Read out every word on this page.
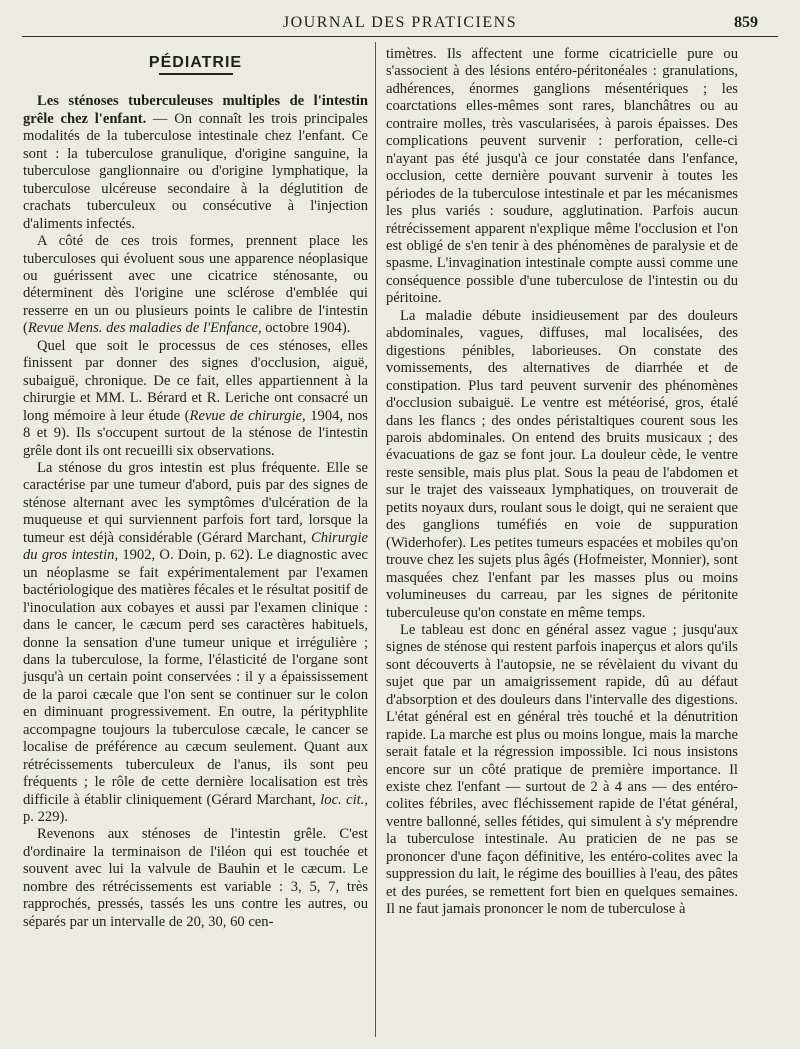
JOURNAL DES PRATICIENS	859
PÉDIATRIE

Les sténoses tuberculeuses multiples de l'intestin grêle chez l'enfant. — On connaît les trois principales modalités de la tuberculose intestinale chez l'enfant. Ce sont : la tuberculose granulique, d'origine sanguine, la tuberculose ganglionnaire ou d'origine lymphatique, la tuberculose ulcéreuse secondaire à la déglutition de crachats tuberculeux ou consécutive à l'injection d'aliments infectés.

A côté de ces trois formes, prennent place les tuberculoses qui évoluent sous une apparence néoplasique ou guérissent avec une cicatrice sténosante, ou déterminent dès l'origine une sclérose d'emblée qui resserre en un ou plusieurs points le calibre de l'intestin (Revue Mens. des maladies de l'Enfance, octobre 1904).

Quel que soit le processus de ces sténoses, elles finissent par donner des signes d'occlusion, aiguë, subaiguë, chronique. De ce fait, elles appartiennent à la chirurgie et MM. L. Bérard et R. Leriche ont consacré un long mémoire à leur étude (Revue de chirurgie, 1904, nos 8 et 9). Ils s'occupent surtout de la sténose de l'intestin grêle dont ils ont recueilli six observations.

La sténose du gros intestin est plus fréquente. Elle se caractérise par une tumeur d'abord, puis par des signes de sténose alternant avec les symptômes d'ulcération de la muqueuse et qui surviennent parfois fort tard, lorsque la tumeur est déjà considérable (Gérard Marchant, Chirurgie du gros intestin, 1902, O. Doin, p. 62). Le diagnostic avec un néoplasme se fait expérimentalement par l'examen bactériologique des matières fécales et le résultat positif de l'inoculation aux cobayes et aussi par l'examen clinique : dans le cancer, le cæcum perd ses caractères habituels, donne la sensation d'une tumeur unique et irrégulière ; dans la tuberculose, la forme, l'élasticité de l'organe sont jusqu'à un certain point conservées : il y a épaississement de la paroi cæcale que l'on sent se continuer sur le colon en diminuant progressivement. En outre, la pérityphlite accompagne toujours la tuberculose cæcale, le cancer se localise de préférence au cæcum seulement. Quant aux rétrécissements tuberculeux de l'anus, ils sont peu fréquents ; le rôle de cette dernière localisation est très difficile à établir cliniquement (Gérard Marchant, loc. cit., p. 229).

Revenons aux sténoses de l'intestin grêle. C'est d'ordinaire la terminaison de l'iléon qui est touchée et souvent avec lui la valvule de Bauhin et le cæcum. Le nombre des rétrécissements est variable : 3, 5, 7, très rapprochés, pressés, tassés les uns contre les autres, ou séparés par un intervalle de 20, 30, 60 cen-

timètres. Ils affectent une forme cicatricielle pure ou s'associent à des lésions entéro-péritonéales : granulations, adhérences, énormes ganglions mésentériques ; les coarctations elles-mêmes sont rares, blanchâtres ou au contraire molles, très vascularisées, à parois épaisses. Des complications peuvent survenir : perforation, celle-ci n'ayant pas été jusqu'à ce jour constatée dans l'enfance, occlusion, cette dernière pouvant survenir à toutes les périodes de la tuberculose intestinale et par les mécanismes les plus variés : soudure, agglutination. Parfois aucun rétrécissement apparent n'explique même l'occlusion et l'on est obligé de s'en tenir à des phénomènes de paralysie et de spasme. L'invagination intestinale compte aussi comme une conséquence possible d'une tuberculose de l'intestin ou du péritoine.

La maladie débute insidieusement par des douleurs abdominales, vagues, diffuses, mal localisées, des digestions pénibles, laborieuses. On constate des vomissements, des alternatives de diarrhée et de constipation. Plus tard peuvent survenir des phénomènes d'occlusion subaiguë. Le ventre est météorisé, gros, étalé dans les flancs ; des ondes péristaltiques courent sous les parois abdominales. On entend des bruits musicaux ; des évacuations de gaz se font jour. La douleur cède, le ventre reste sensible, mais plus plat. Sous la peau de l'abdomen et sur le trajet des vaisseaux lymphatiques, on trouverait de petits noyaux durs, roulant sous le doigt, qui ne seraient que des ganglions tuméfiés en voie de suppuration (Widerhofer). Les petites tumeurs espacées et mobiles qu'on trouve chez les sujets plus âgés (Hofmeister, Monnier), sont masquées chez l'enfant par les masses plus ou moins volumineuses du carreau, par les signes de péritonite tuberculeuse qu'on constate en même temps.

Le tableau est donc en général assez vague ; jusqu'aux signes de sténose qui restent parfois inaperçus et alors qu'ils sont découverts à l'autopsie, ne se révèlaient du vivant du sujet que par un amaigrissement rapide, dû au défaut d'absorption et des douleurs dans l'intervalle des digestions. L'état général est en général très touché et la dénutrition rapide. La marche est plus ou moins longue, mais la marche serait fatale et la régression impossible. Ici nous insistons encore sur un côté pratique de première importance. Il existe chez l'enfant — surtout de 2 à 4 ans — des entéro-colites fébriles, avec fléchissement rapide de l'état général, ventre ballonné, selles fétides, qui simulent à s'y méprendre la tuberculose intestinale. Au praticien de ne pas se prononcer d'une façon définitive, les entéro-colites avec la suppression du lait, le régime des bouillies à l'eau, des pâtes et des purées, se remettent fort bien en quelques semaines. Il ne faut jamais prononcer le nom de tuberculose à
